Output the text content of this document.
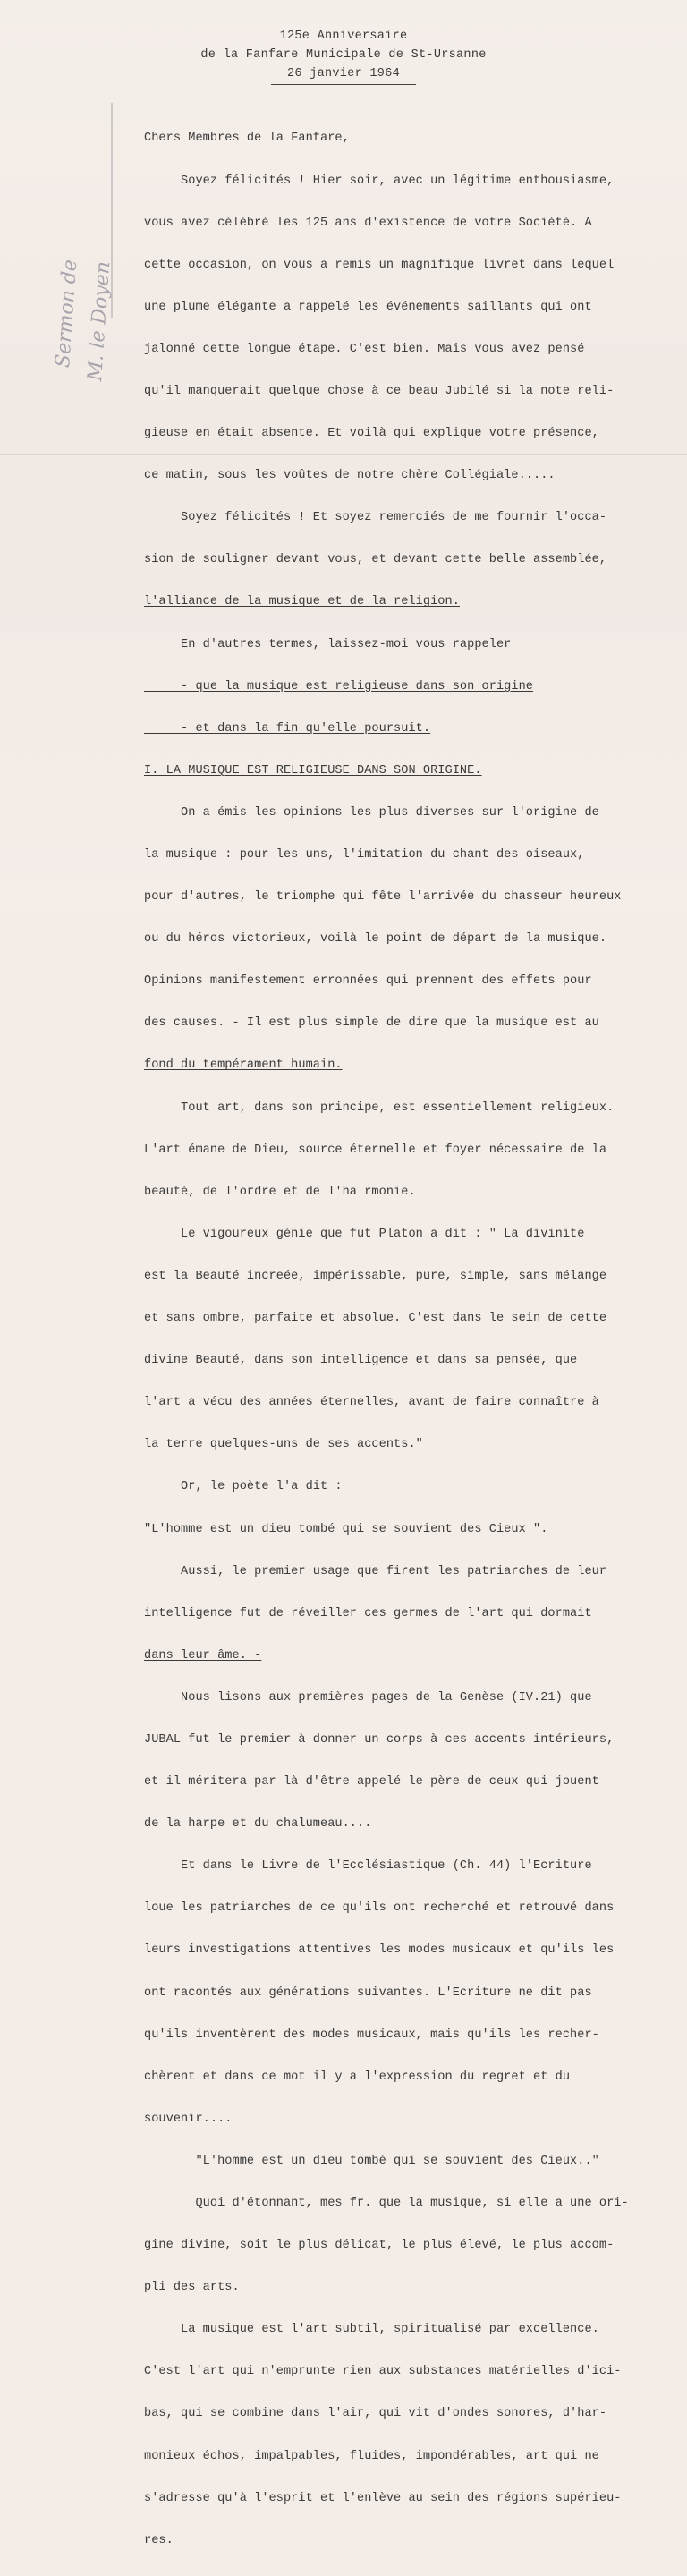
125e Anniversaire
de la Fanfare Municipale de St-Ursanne
26 janvier 1964
Sermon de M. le Doyen

Chers Membres de la Fanfare,

Soyez félicités ! Hier soir, avec un légitime enthousiasme,

vous avez célébré les 125 ans d'existence de votre Société. A

cette occasion, on vous a remis un magnifique livret dans lequel

une plume élégante a rappelé les événements saillants qui ont

jalonné cette longue étape. C'est bien. Mais vous avez pensé

qu'il manquerait quelque chose à ce beau Jubilé si la note reli-

gieuse en était absente. Et voilà qui explique votre présence,

ce matin, sous les voûtes de notre chère Collégiale.....

Soyez félicités ! Et soyez remerciés de me fournir l'occa-

sion de souligner devant vous, et devant cette belle assemblée,

l'alliance de la musique et de la religion.

En d'autres termes, laissez-moi vous rappeler

- que la musique est religieuse dans son origine

- et dans la fin qu'elle poursuit.

I. LA MUSIQUE EST RELIGIEUSE DANS SON ORIGINE.

On a émis les opinions les plus diverses sur l'origine de

la musique : pour les uns, l'imitation du chant des oiseaux,

pour d'autres, le triomphe qui fête l'arrivée du chasseur heureux

ou du héros victorieux, voilà le point de départ de la musique.

Opinions manifestement erronnées qui prennent des effets pour

des causes. - Il est plus simple de dire que la musique est au

fond du tempérament humain.

Tout art, dans son principe, est essentiellement religieux.

L'art émane de Dieu, source éternelle et foyer nécessaire de la

beauté, de l'ordre et de l'ha rmonie.

Le vigoureux génie que fut Platon a dit : " La divinité

est la Beauté increée, impérissable, pure, simple, sans mélange

et sans ombre, parfaite et absolue. C'est dans le sein de cette

divine Beauté, dans son intelligence et dans sa pensée, que

l'art a vécu des années éternelles, avant de faire connaître à

la terre quelques-uns de ses accents."

Or, le poète l'a dit :

"L'homme est un dieu tombé qui se souvient des Cieux ".

Aussi, le premier usage que firent les patriarches de leur

intelligence fut de réveiller ces germes de l'art qui dormait

dans leur âme. -

Nous lisons aux premières pages de la Genèse (IV.21) que

JUBAL fut le premier à donner un corps à ces accents intérieurs,

et il méritera par là d'être appelé le père de ceux qui jouent

de la harpe et du chalumeau....

Et dans le Livre de l'Ecclésiastique (Ch. 44) l'Ecriture

loue les patriarches de ce qu'ils ont recherché et retrouvé dans

leurs investigations attentives les modes musicaux et qu'ils les

ont racontés aux générations suivantes. L'Ecriture ne dit pas

qu'ils inventèrent des modes musicaux, mais qu'ils les recher-

chèrent et dans ce mot il y a l'expression du regret et du

souvenir....

"L'homme est un dieu tombé qui se souvient des Cieux.."

Quoi d'étonnant, mes fr. que la musique, si elle a une ori-

gine divine, soit le plus délicat, le plus élevé, le plus accom-

pli des arts.

La musique est l'art subtil, spiritualisé par excellence.

C'est l'art qui n'emprunte rien aux substances matérielles d'ici-

bas, qui se combine dans l'air, qui vit d'ondes sonores, d'har-

monieux échos, impalpables, fluides, impondérables, art qui ne

s'adresse qu'à l'esprit et l'enlève au sein des régions supérieu-

res.
